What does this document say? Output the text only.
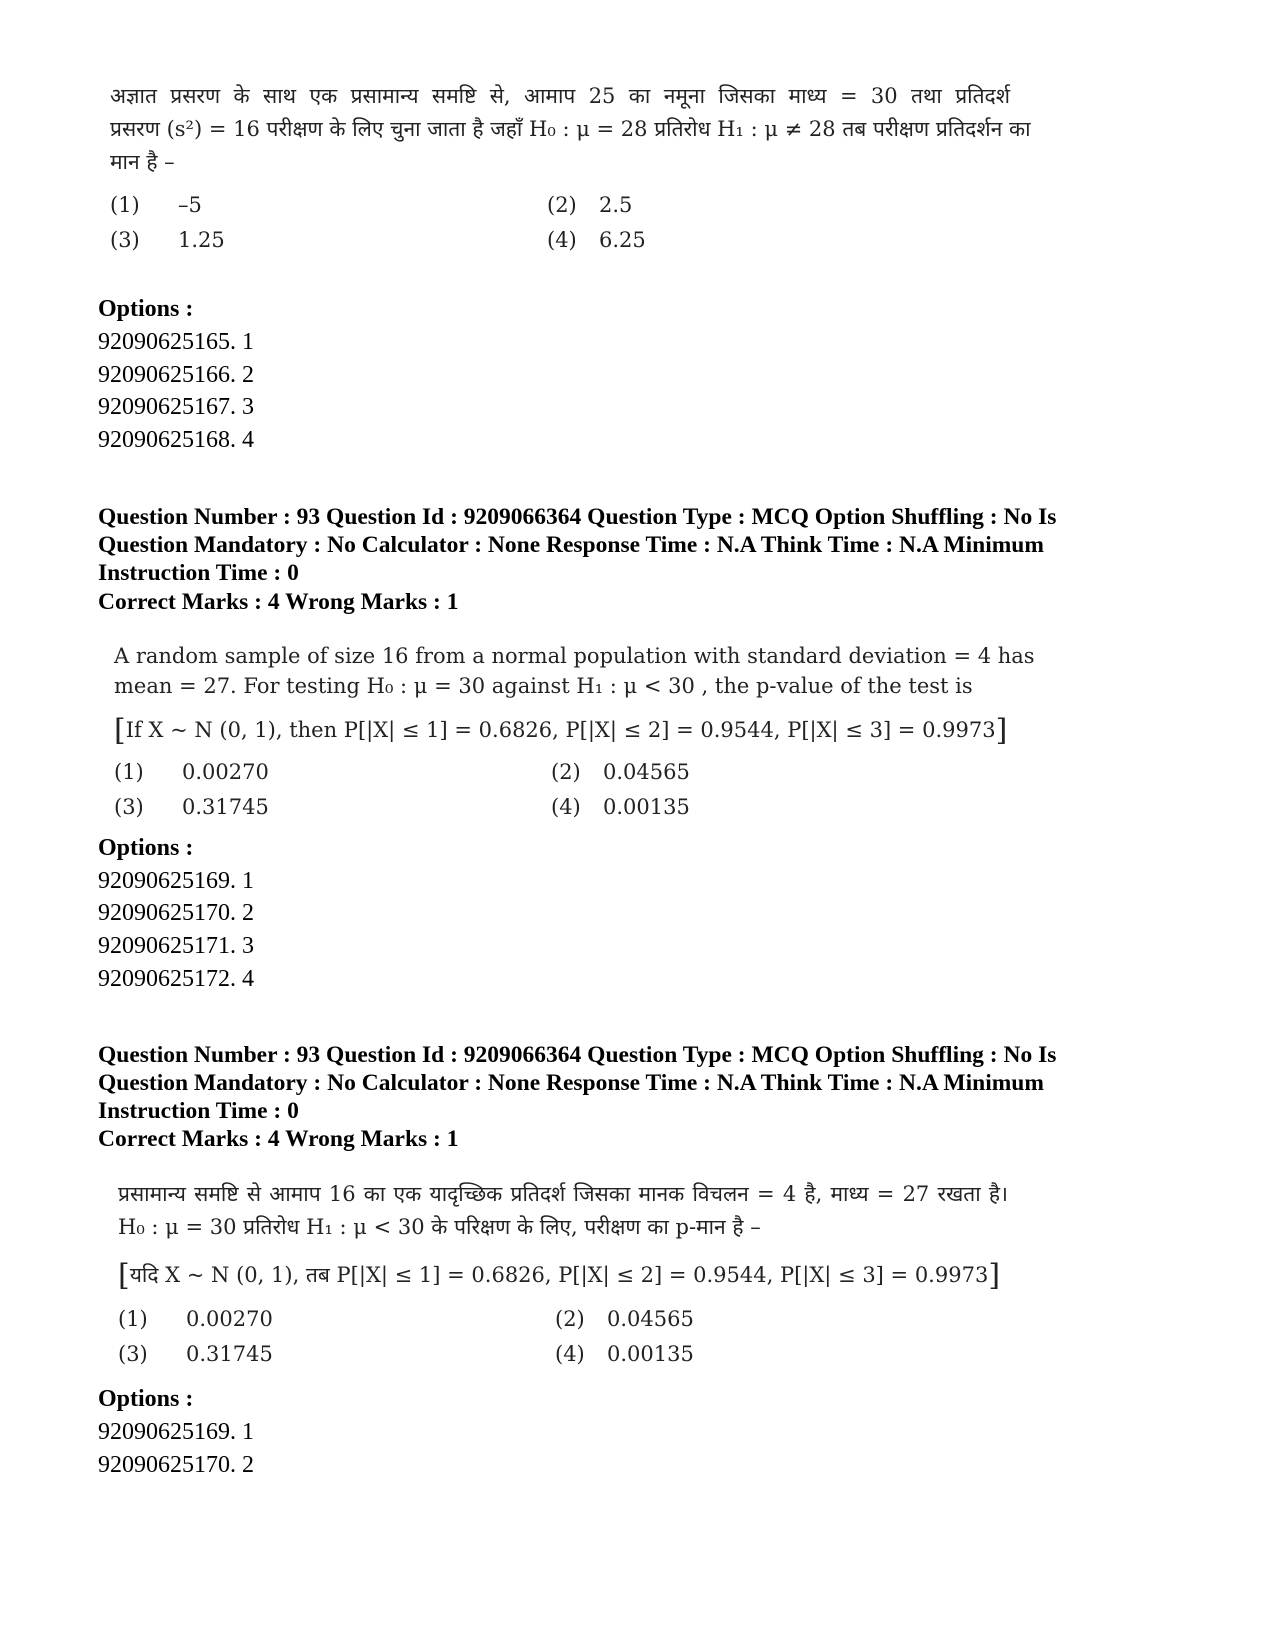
अज्ञात प्रसरण के साथ एक प्रसामान्य समष्टि से, आमाप 25 का नमूना जिसका माध्य = 30 तथा प्रतिदर्श
प्रसरण (s²) = 16 परीक्षण के लिए चुना जाता है जहाँ H₀ : μ = 28 प्रतिरोध H₁ : μ ≠ 28 तब परीक्षण प्रतिदर्शन का
मान है –
(1) –5	(2) 2.5
(3) 1.25	(4) 6.25
Options :
92090625165. 1
92090625166. 2
92090625167. 3
92090625168. 4
Question Number : 93 Question Id : 9209066364 Question Type : MCQ Option Shuffling : No Is
Question Mandatory : No Calculator : None Response Time : N.A Think Time : N.A Minimum
Instruction Time : 0
Correct Marks : 4 Wrong Marks : 1
A random sample of size 16 from a normal population with standard deviation = 4 has
mean = 27. For testing H₀ : μ = 30 against H₁ : μ < 30 , the p-value of the test is
[If X ~ N (0, 1), then P[|X| ≤ 1] = 0.6826, P[|X| ≤ 2] = 0.9544, P[|X| ≤ 3] = 0.9973]
(1) 0.00270	(2) 0.04565
(3) 0.31745	(4) 0.00135
Options :
92090625169. 1
92090625170. 2
92090625171. 3
92090625172. 4
Question Number : 93 Question Id : 9209066364 Question Type : MCQ Option Shuffling : No Is
Question Mandatory : No Calculator : None Response Time : N.A Think Time : N.A Minimum
Instruction Time : 0
Correct Marks : 4 Wrong Marks : 1
प्रसामान्य समष्टि से आमाप 16 का एक यादृच्छिक प्रतिदर्श जिसका मानक विचलन = 4 है, माध्य = 27 रखता है।
H₀ : μ = 30 प्रतिरोध H₁ : μ < 30 के परिक्षण के लिए, परीक्षण का p-मान है –
[यदि X ~ N (0, 1), तब P[|X| ≤ 1] = 0.6826, P[|X| ≤ 2] = 0.9544, P[|X| ≤ 3] = 0.9973]
(1) 0.00270	(2) 0.04565
(3) 0.31745	(4) 0.00135
Options :
92090625169. 1
92090625170. 2
